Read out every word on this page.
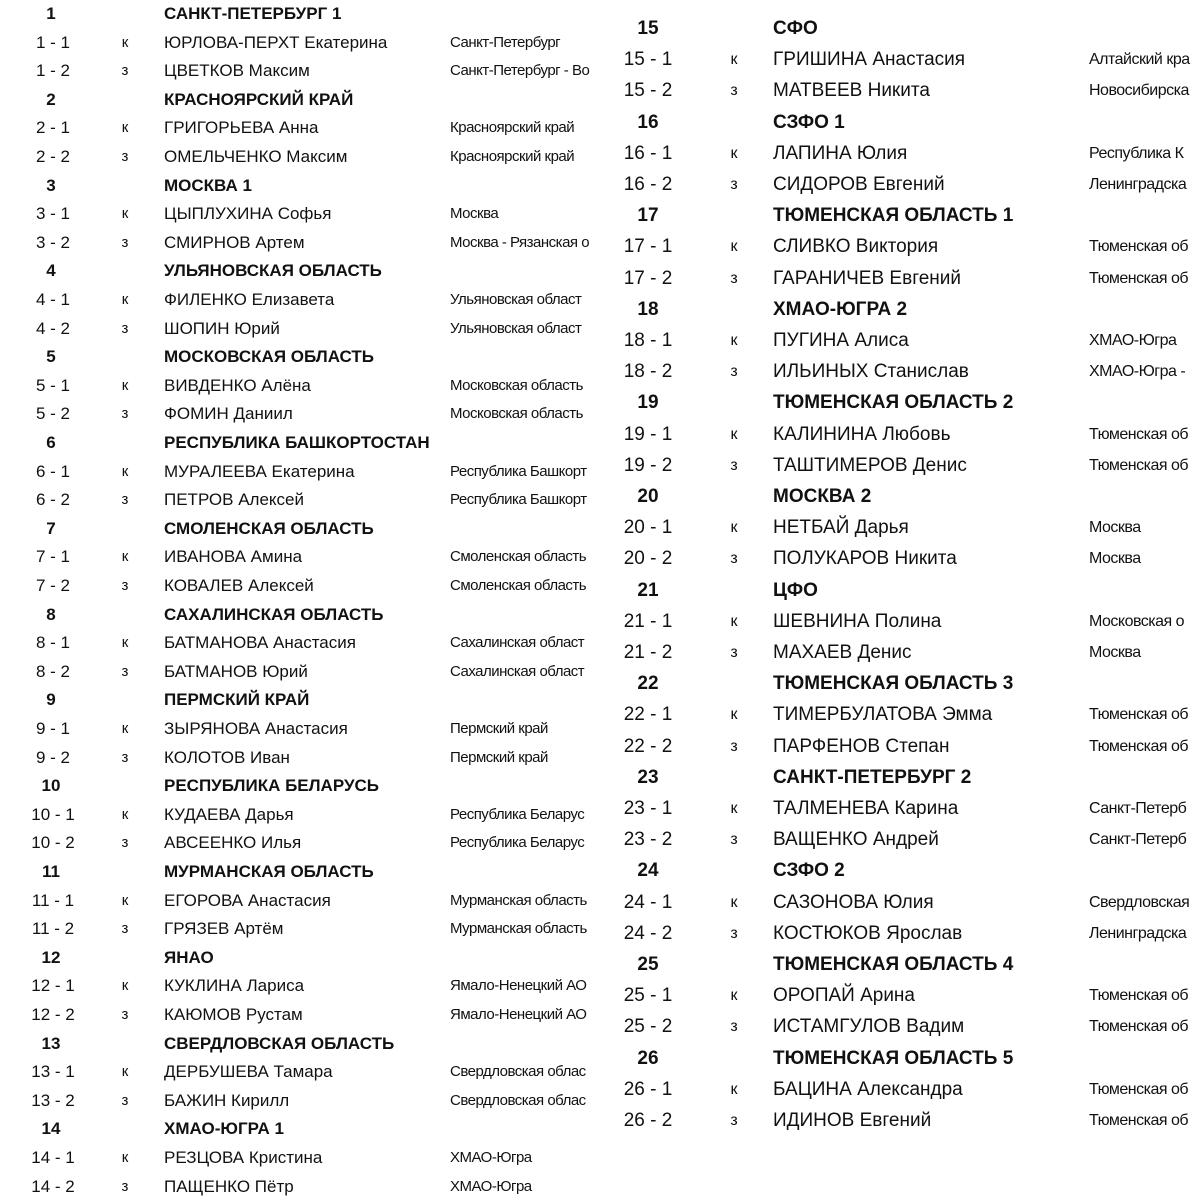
1	САНКТ-ПЕТЕРБУРГ 1
1 - 1	к	ЮРЛОВА-ПЕРХТ Екатерина	Санкт-Петербург
1 - 2	з	ЦВЕТКОВ Максим	Санкт-Петербург - Во
2	КРАСНОЯРСКИЙ КРАЙ
2 - 1	к	ГРИГОРЬЕВА Анна	Красноярский край
2 - 2	з	ОМЕЛЬЧЕНКО Максим	Красноярский край
3	МОСКВА 1
3 - 1	к	ЦЫПЛУХИНА Софья	Москва
3 - 2	з	СМИРНОВ Артем	Москва - Рязанская о
4	УЛЬЯНОВСКАЯ ОБЛАСТЬ
4 - 1	к	ФИЛЕНКО Елизавета	Ульяновская област
4 - 2	з	ШОПИН Юрий	Ульяновская област
5	МОСКОВСКАЯ ОБЛАСТЬ
5 - 1	к	ВИВДЕНКО Алёна	Московская область
5 - 2	з	ФОМИН Даниил	Московская область
6	РЕСПУБЛИКА БАШКОРТОСТАН
6 - 1	к	МУРАЛЕЕВА Екатерина	Республика Башкорт
6 - 2	з	ПЕТРОВ Алексей	Республика Башкорт
7	СМОЛЕНСКАЯ ОБЛАСТЬ
7 - 1	к	ИВАНОВА Амина	Смоленская область
7 - 2	з	КОВАЛЕВ Алексей	Смоленская область
8	САХАЛИНСКАЯ ОБЛАСТЬ
8 - 1	к	БАТМАНОВА Анастасия	Сахалинская област
8 - 2	з	БАТМАНОВ Юрий	Сахалинская област
9	ПЕРМСКИЙ КРАЙ
9 - 1	к	ЗЫРЯНОВА Анастасия	Пермский край
9 - 2	з	КОЛОТОВ Иван	Пермский край
10	РЕСПУБЛИКА БЕЛАРУСЬ
10 - 1	к	КУДАЕВА Дарья	Республика Беларус
10 - 2	з	АВСЕЕНКО Илья	Республика Беларус
11	МУРМАНСКАЯ ОБЛАСТЬ
11 - 1	к	ЕГОРОВА Анастасия	Мурманская область
11 - 2	з	ГРЯЗЕВ Артём	Мурманская область
12	ЯНАО
12 - 1	к	КУКЛИНА Лариса	Ямало-Ненецкий АО
12 - 2	з	КАЮМОВ Рустам	Ямало-Ненецкий АО
13	СВЕРДЛОВСКАЯ ОБЛАСТЬ
13 - 1	к	ДЕРБУШЕВА Тамара	Свердловская облас
13 - 2	з	БАЖИН Кирилл	Свердловская облас
14	ХМАО-ЮГРА 1
14 - 1	к	РЕЗЦОВА Кристина	ХМАО-Югра
14 - 2	з	ПАЩЕНКО Пётр	ХМАО-Югра
15	СФО
15 - 1	к	ГРИШИНА Анастасия	Алтайский кра
15 - 2	з	МАТВЕЕВ Никита	Новосибирска
16	СЗФО 1
16 - 1	к	ЛАПИНА Юлия	Республика К
16 - 2	з	СИДОРОВ Евгений	Ленинградска
17	ТЮМЕНСКАЯ ОБЛАСТЬ 1
17 - 1	к	СЛИВКО Виктория	Тюменская об
17 - 2	з	ГАРАНИЧЕВ Евгений	Тюменская об
18	ХМАО-ЮГРА 2
18 - 1	к	ПУГИНА Алиса	ХМАО-Югра
18 - 2	з	ИЛЬИНЫХ Станислав	ХМАО-Югра -
19	ТЮМЕНСКАЯ ОБЛАСТЬ 2
19 - 1	к	КАЛИНИНА Любовь	Тюменская об
19 - 2	з	ТАШТИМЕРОВ Денис	Тюменская об
20	МОСКВА 2
20 - 1	к	НЕТБАЙ Дарья	Москва
20 - 2	з	ПОЛУКАРОВ Никита	Москва
21	ЦФО
21 - 1	к	ШЕВНИНА Полина	Московская о
21 - 2	з	МАХАЕВ Денис	Москва
22	ТЮМЕНСКАЯ ОБЛАСТЬ 3
22 - 1	к	ТИМЕРБУЛАТОВА Эмма	Тюменская об
22 - 2	з	ПАРФЕНОВ Степан	Тюменская об
23	САНКТ-ПЕТЕРБУРГ 2
23 - 1	к	ТАЛМЕНЕВА Карина	Санкт-Петерб
23 - 2	з	ВАЩЕНКО Андрей	Санкт-Петерб
24	СЗФО 2
24 - 1	к	САЗОНОВА Юлия	Свердловская
24 - 2	з	КОСТЮКОВ Ярослав	Ленинградска
25	ТЮМЕНСКАЯ ОБЛАСТЬ 4
25 - 1	к	ОРОПАЙ Арина	Тюменская об
25 - 2	з	ИСТАМГУЛОВ Вадим	Тюменская об
26	ТЮМЕНСКАЯ ОБЛАСТЬ 5
26 - 1	к	БАЦИНА Александра	Тюменская об
26 - 2	з	ИДИНОВ Евгений	Тюменская об
